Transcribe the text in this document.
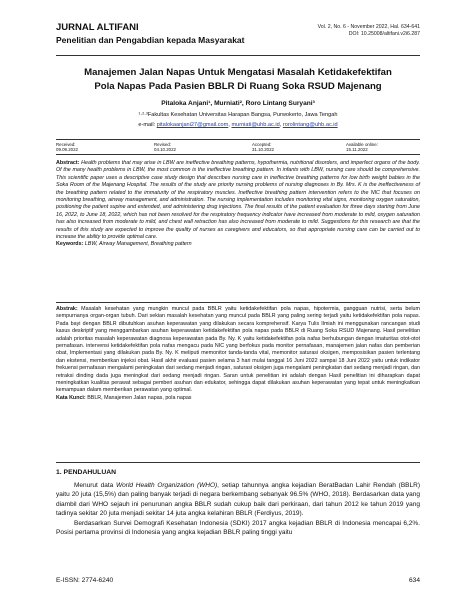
JURNAL ALTIFANI
Penelitian dan Pengabdian kepada Masyarakat
Vol. 2, No. 6 - November 2022, Hal. 634-641
DOI: 10.25008/altifani.v2i6.287
Manajemen Jalan Napas Untuk Mengatasi Masalah Ketidakefektifan
Pola Napas Pada Pasien BBLR Di Ruang Soka RSUD Majenang
Pitaloka Anjani¹, Murniati², Roro Lintang Suryani³
¹·²·³Fakultas Kesehatan Universitas Harapan Bangsa, Purwokerto, Jawa Tengah
e-mail: pitalokaanjani27@gmail.com, murniati@uhb.ac.id, rorolintang@uhb.ac.id
Received:
09.09.2022
Revised:
04.10.2022
Accepted:
31.10.2022
Available online:
15.11.2022

Abstract: Health problems that may arise in LBW are ineffective breathing patterns, hypothermia, nutritional disorders, and imperfect organs of the body. Of the many health problems in LBW, the most common is the ineffective breathing pattern. In infants with LBW, nursing care should be comprehensive. This scientific paper uses a descriptive case study design that describes nursing care in ineffective breathing patterns for low birth weight babies in the Soka Room of the Majenang Hospital. The results of the study are priority nursing problems of nursing diagnoses in By. Mrs. K is the ineffectiveness of the breathing pattern related to the immaturity of the respiratory muscles. Ineffective breathing pattern intervention refers to the NIC that focuses on monitoring breathing, airway management, and administration. The nursing implementation includes monitoring vital signs, monitoring oxygen saturation, positioning the patient supine and extended, and administering drug injections. The final results of the patient evaluation for three days starting from June 16, 2022, to June 18, 2022, which has not been resolved for the respiratory frequency indicator have increased from moderate to mild, oxygen saturation has also increased from moderate to mild, and chest wall retraction has also increased from moderate to mild. Suggestions for this research are that the results of this study are expected to improve the quality of nurses as caregivers and educators, so that appropriate nursing care can be carried out to increase the ability to provide optimal care.

Keywords: LBW, Airway Management, Breathing pattern

Abstrak: Masalah kesehatan yang mungkin muncul pada BBLR yaitu ketidakefektifan pola napas, hipotermia, gangguan nutrisi, serta belum sempurnanya organ-organ tubuh. Dari sekian masalah kesehatan yang muncul pada BBLR yang paling sering terjadi yaitu ketidakefektifan pola napas. Pada bayi dengan BBLR dibutuhkan asuhan keperawatan yang dilakukan secara komprehensif. Karya Tulis Ilmiah ini menggunakan rancangan studi kasus deskriptif yang menggambarkan asuhan keperawatan ketidakefektifan pola napas pada BBLR di Ruang Soka RSUD Majenang. Hasil penelitian adalah prioritas masalah keperawatan diagnosa keperawatan pada By. Ny. K yaitu ketidakefektifan pola nafas berhubungan dengan imaturitas otot-otot pernafasan. intervensi ketidakefektifan pola nafas mengacu pada NIC yang berfokus pada monitor pernafasan, manajemen jalan nafas dan pemberian obat, Implementasi yang dilakukan pada By. Ny. K meliputi memonitor tanda-tanda vital, memonitor saturasi oksigen, memposisikan pasien terlentang dan ekstensi, memberikan injeksi obat. Hasil akhir evaluasi pasien selama 3 hari mulai tanggal 16 Juni 2022 sampai 18 Juni 2022 yaitu untuk indikator frekuensi pernafasan mengalami peningkatan dari sedang menjadi ringan, saturasi oksigen juga mengalami peningkatan dari sedang menjadi ringan, dan retraksi dinding dada juga meningkat dari sedang menjadi ringan. Saran untuk penelitian ini adalah dengan Hasil penelitian ini diharapkan dapat meningkatkan kualitas perawat sebagai pemberi asuhan dan edukator, sehingga dapat dilakukan asuhan keperawatan yang tepat untuk meningkatkan kemampuan dalam memberikan perawatan yang optimal.

Kata Kunci: BBLR, Manajemen Jalan napas, pola napas

1. PENDAHULUAN

Menurut data World Health Organization (WHO), setiap tahunnya angka kejadian BeratBadan Lahir Rendah (BBLR) yaitu 20 juta (15,5%) dan paling banyak terjadi di negara berkembang sebanyak 96.5% (WHO, 2018). Berdasarkan data yang diambil dari WHO sejauh ini penurunan angka BBLR sudah cukup baik dari perkiraan, dari tahun 2012 ke tahun 2019 yang tadinya sekitar 20 juta menjadi sekitar 14 juta angka kelahiran BBLR (Ferdiyus, 2019).

Berdasarkan Survei Demografi Kesehatan Indonesia (SDKI) 2017 angka kejadian BBLR di Indonesia mencapai 6,2%. Posisi pertama provinsi di Indonesia yang angka kejadian BBLR paling tinggi yaitu

E-ISSN: 2774-6240	634
